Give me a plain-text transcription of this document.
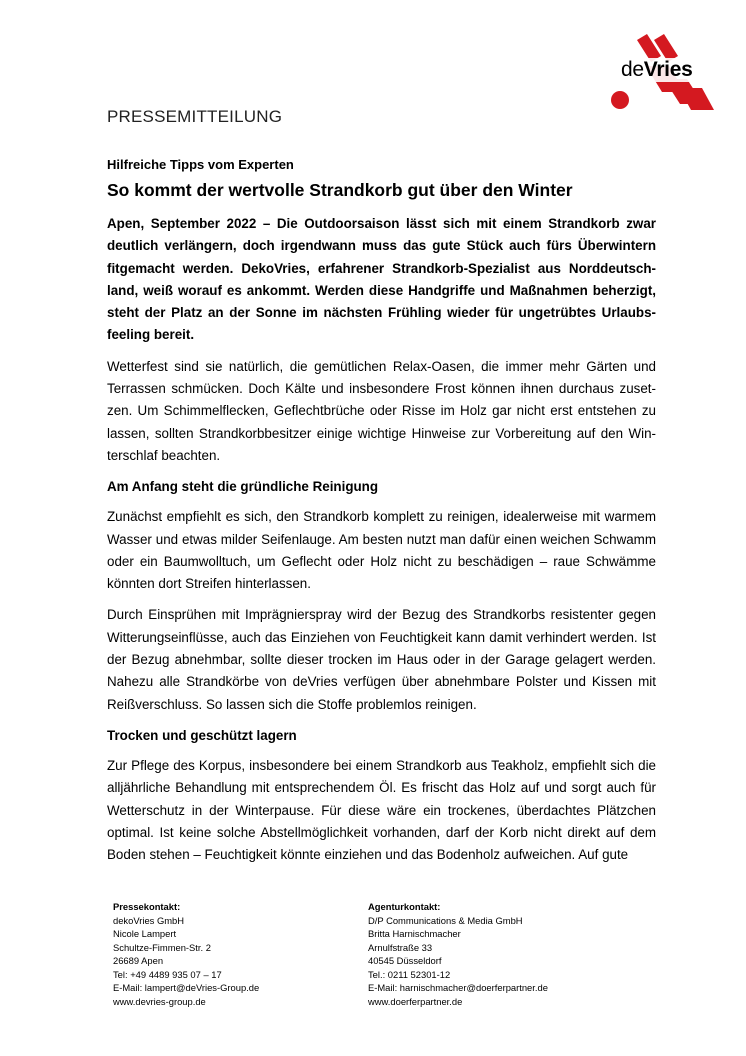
deVries
PRESSEMITTEILUNG

Hilfreiche Tipps vom Experten

So kommt der wertvolle Strandkorb gut über den Winter

Apen, September 2022 – Die Outdoorsaison lässt sich mit einem Strandkorb zwar deutlich verlängern, doch irgendwann muss das gute Stück auch fürs Überwintern fitgemacht werden. DekoVries, erfahrener Strandkorb-Spezialist aus Norddeutschland, weiß worauf es ankommt. Werden diese Handgriffe und Maßnahmen beherzigt, steht der Platz an der Sonne im nächsten Frühling wieder für ungetrübtes Urlaubsfeeling bereit.

Wetterfest sind sie natürlich, die gemütlichen Relax-Oasen, die immer mehr Gärten und Terrassen schmücken. Doch Kälte und insbesondere Frost können ihnen durchaus zusetzen. Um Schimmelflecken, Geflechtbrüche oder Risse im Holz gar nicht erst entstehen zu lassen, sollten Strandkorbbesitzer einige wichtige Hinweise zur Vorbereitung auf den Winterschlaf beachten.

Am Anfang steht die gründliche Reinigung

Zunächst empfiehlt es sich, den Strandkorb komplett zu reinigen, idealerweise mit warmem Wasser und etwas milder Seifenlauge. Am besten nutzt man dafür einen weichen Schwamm oder ein Baumwolltuch, um Geflecht oder Holz nicht zu beschädigen – raue Schwämme könnten dort Streifen hinterlassen.

Durch Einsprühen mit Imprägnierspray wird der Bezug des Strandkorbs resistenter gegen Witterungseinflüsse, auch das Einziehen von Feuchtigkeit kann damit verhindert werden. Ist der Bezug abnehmbar, sollte dieser trocken im Haus oder in der Garage gelagert werden. Nahezu alle Strandkörbe von deVries verfügen über abnehmbare Polster und Kissen mit Reißverschluss. So lassen sich die Stoffe problemlos reinigen.

Trocken und geschützt lagern

Zur Pflege des Korpus, insbesondere bei einem Strandkorb aus Teakholz, empfiehlt sich die alljährliche Behandlung mit entsprechendem Öl. Es frischt das Holz auf und sorgt auch für Wetterschutz in der Winterpause. Für diese wäre ein trockenes, überdachtes Plätzchen optimal. Ist keine solche Abstellmöglichkeit vorhanden, darf der Korb nicht direkt auf dem Boden stehen – Feuchtigkeit könnte einziehen und das Bodenholz aufweichen. Auf gute

Pressekontakt:
dekoVries GmbH
Nicole Lampert
Schultze-Fimmen-Str. 2
26689 Apen
Tel: +49 4489 935 07 – 17
E-Mail: lampert@deVries-Group.de
www.devries-group.de
Agenturkontakt:
D/P Communications & Media GmbH
Britta Harnischmacher
Arnulfstraße 33
40545 Düsseldorf
Tel.: 0211 52301-12
E-Mail: harnischmacher@doerferpartner.de
www.doerferpartner.de
